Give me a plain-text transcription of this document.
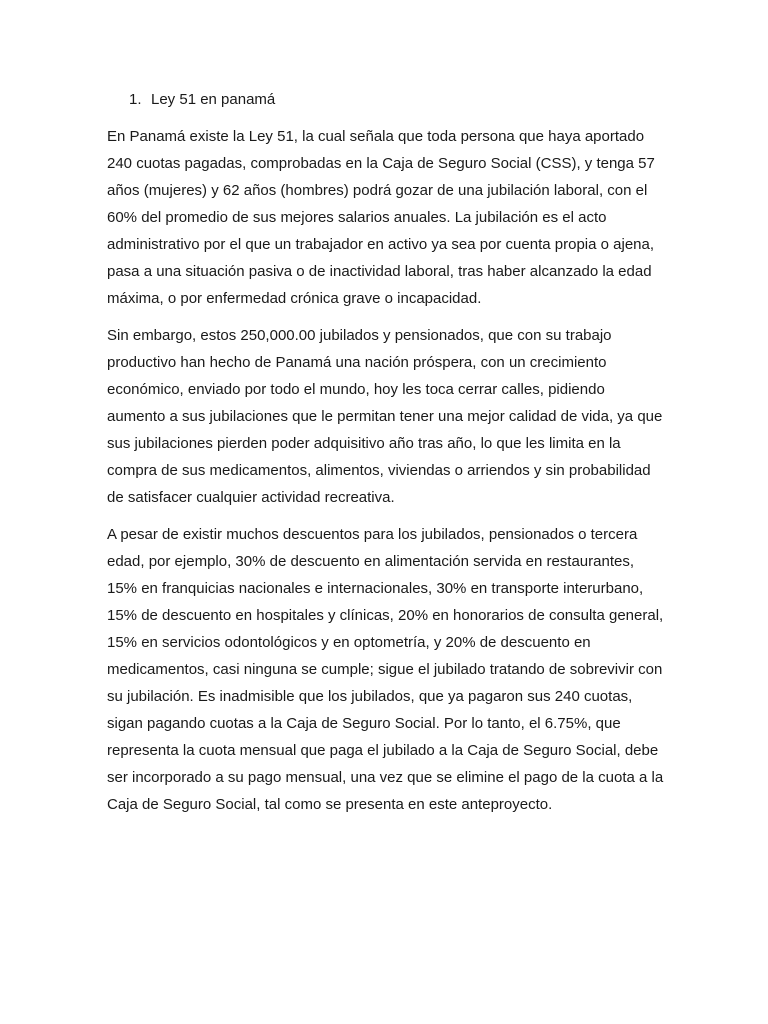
1. Ley 51 en panamá

En Panamá existe la Ley 51, la cual señala que toda persona que haya aportado 240 cuotas pagadas, comprobadas en la Caja de Seguro Social (CSS), y tenga 57 años (mujeres) y 62 años (hombres) podrá gozar de una jubilación laboral, con el 60% del promedio de sus mejores salarios anuales. La jubilación es el acto administrativo por el que un trabajador en activo ya sea por cuenta propia o ajena, pasa a una situación pasiva o de inactividad laboral, tras haber alcanzado la edad máxima, o por enfermedad crónica grave o incapacidad.

Sin embargo, estos 250,000.00 jubilados y pensionados, que con su trabajo productivo han hecho de Panamá una nación próspera, con un crecimiento económico, enviado por todo el mundo, hoy les toca cerrar calles, pidiendo aumento a sus jubilaciones que le permitan tener una mejor calidad de vida, ya que sus jubilaciones pierden poder adquisitivo año tras año, lo que les limita en la compra de sus medicamentos, alimentos, viviendas o arriendos y sin probabilidad de satisfacer cualquier actividad recreativa.

A pesar de existir muchos descuentos para los jubilados, pensionados o tercera edad, por ejemplo, 30% de descuento en alimentación servida en restaurantes, 15% en franquicias nacionales e internacionales, 30% en transporte interurbano, 15% de descuento en hospitales y clínicas, 20% en honorarios de consulta general, 15% en servicios odontológicos y en optometría, y 20% de descuento en medicamentos, casi ninguna se cumple; sigue el jubilado tratando de sobrevivir con su jubilación. Es inadmisible que los jubilados, que ya pagaron sus 240 cuotas, sigan pagando cuotas a la Caja de Seguro Social. Por lo tanto, el 6.75%, que representa la cuota mensual que paga el jubilado a la Caja de Seguro Social, debe ser incorporado a su pago mensual, una vez que se elimine el pago de la cuota a la Caja de Seguro Social, tal como se presenta en este anteproyecto.
